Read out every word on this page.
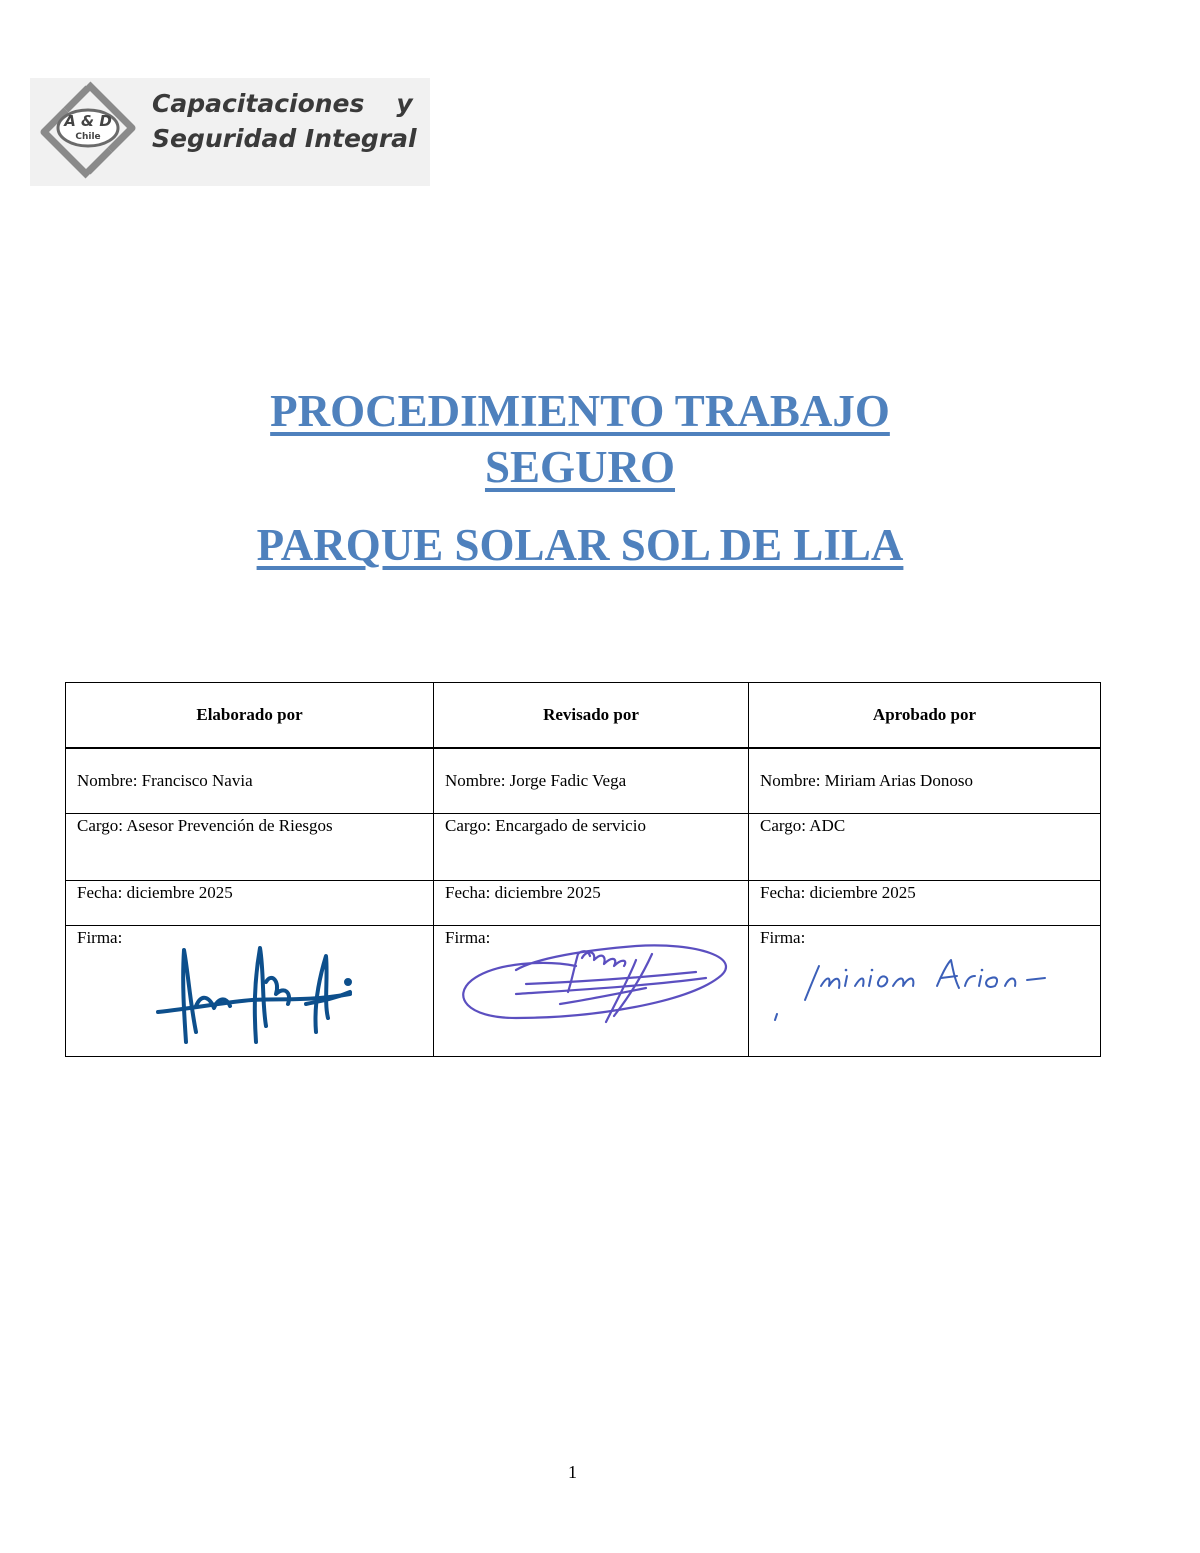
A & D
Chile
Capacitaciones y
Seguridad Integral
PROCEDIMIENTO TRABAJO
SEGURO
PARQUE SOLAR SOL DE LILA
Elaborado por	Revisado por	Aprobado por
Nombre: Francisco Navia	Nombre: Jorge Fadic Vega	Nombre: Miriam Arias Donoso
Cargo: Asesor Prevención de Riesgos	Cargo: Encargado de servicio	Cargo: ADC
Fecha: diciembre 2025	Fecha: diciembre 2025	Fecha: diciembre 2025
Firma:	Firma:	Firma:
1
